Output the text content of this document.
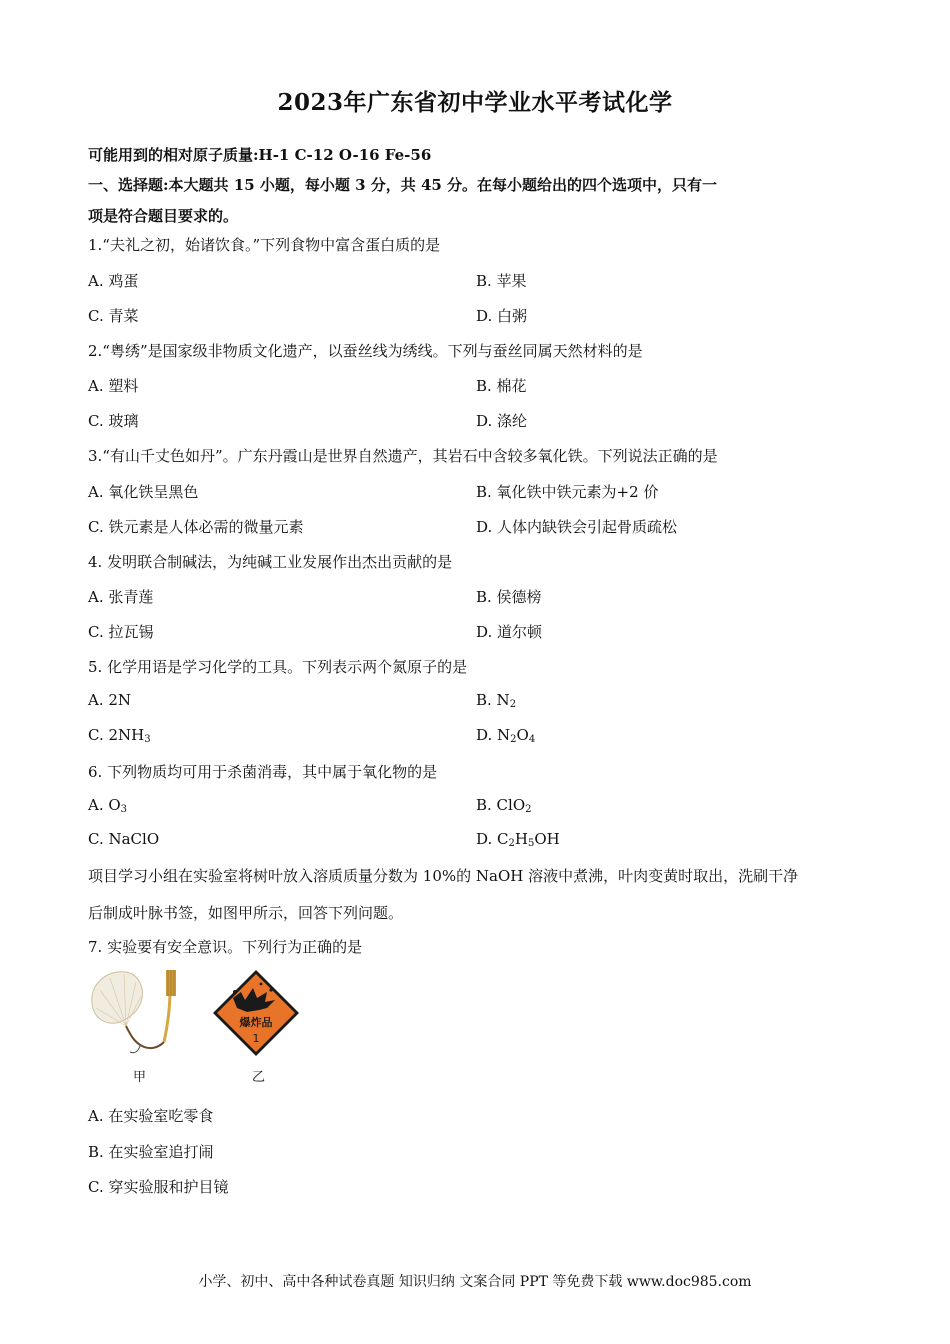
2023年广东省初中学业水平考试化学
可能用到的相对原子质量:H-1 C-12 O-16 Fe-56
一、选择题:本大题共 15 小题，每小题 3 分，共 45 分。在每小题给出的四个选项中，只有一
项是符合题目要求的。
1.“夫礼之初，始诸饮食。”下列食物中富含蛋白质的是
A. 鸡蛋	B. 苹果
C. 青菜	D. 白粥
2.“粤绣”是国家级非物质文化遗产，以蚕丝线为绣线。下列与蚕丝同属天然材料的是
A. 塑料	B. 棉花
C. 玻璃	D. 涤纶
3.“有山千丈色如丹”。广东丹霞山是世界自然遗产，其岩石中含较多氧化铁。下列说法正确的是
A. 氧化铁呈黑色	B. 氧化铁中铁元素为+2 价
C. 铁元素是人体必需的微量元素	D. 人体内缺铁会引起骨质疏松
4. 发明联合制碱法，为纯碱工业发展作出杰出贡献的是
A. 张青莲	B. 侯德榜
C. 拉瓦锡	D. 道尔顿
5. 化学用语是学习化学的工具。下列表示两个氮原子的是
A. 2N	B. $N_2$
C. $2NH_3$	D. $N_2O_4$
6. 下列物质均可用于杀菌消毒，其中属于氧化物的是
A. $O_3$	B. ClO$_2$
C. NaClO	D. $C_2H_5OH$
项目学习小组在实验室将树叶放入溶质质量分数为 10%的 NaOH 溶液中煮沸，叶肉变黄时取出，洗刷干净
后制成叶脉书签，如图甲所示，回答下列问题。
7. 实验要有安全意识。下列行为正确的是
甲
爆炸品
1
乙
A. 在实验室吃零食
B. 在实验室追打闹
C. 穿实验服和护目镜
小学、初中、高中各种试卷真题 知识归纳 文案合同 PPT 等免费下载 www.doc985.com
